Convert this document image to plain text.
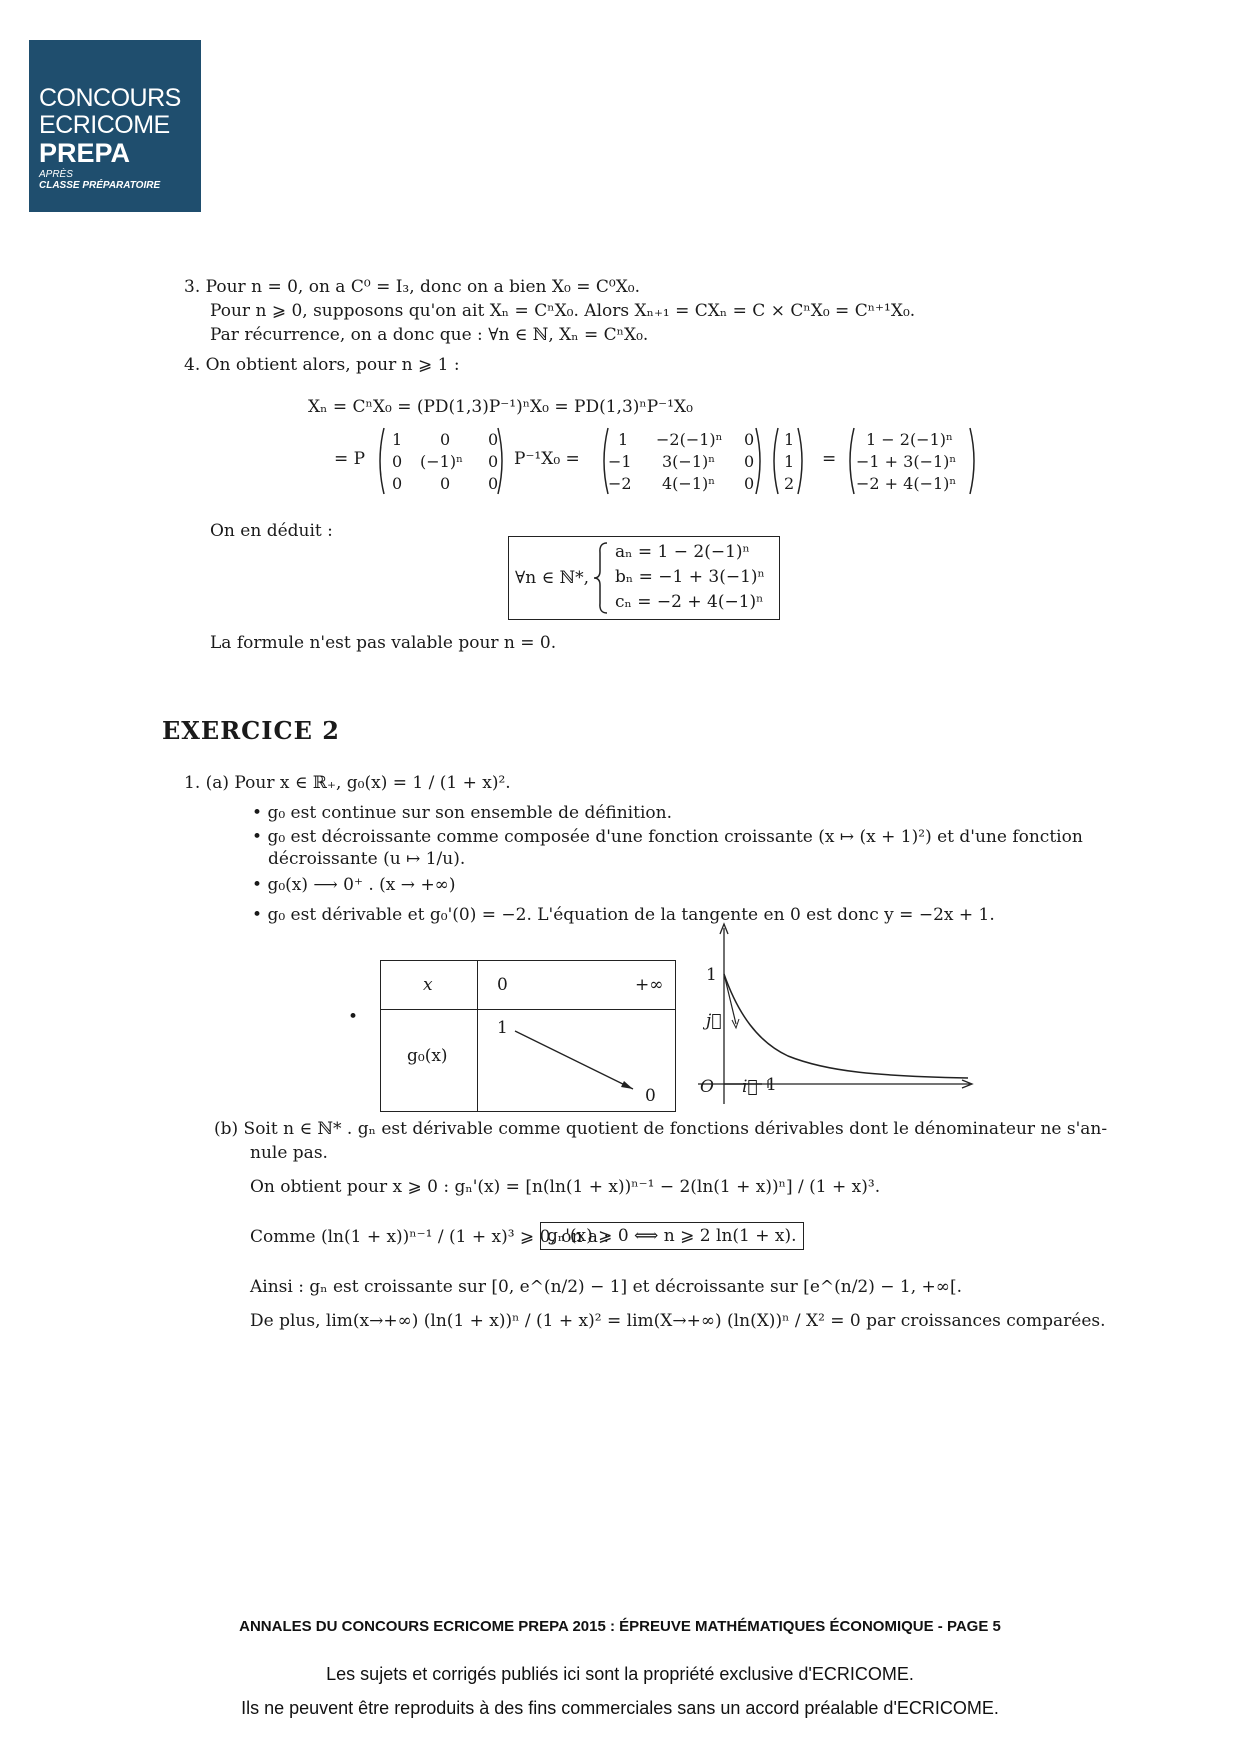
CONCOURS
ECRICOME
PREPA
APRÈS
CLASSE PRÉPARATOIRE
3. Pour n = 0, on a C⁰ = I₃, donc on a bien X₀ = C⁰X₀.
Pour n ⩾ 0, supposons qu'on ait Xₙ = CⁿX₀. Alors Xₙ₊₁ = CXₙ = C × CⁿX₀ = Cⁿ⁺¹X₀.
Par récurrence, on a donc que : ∀n ∈ ℕ, Xₙ = CⁿX₀.
4. On obtient alors, pour n ⩾ 1 :
Xₙ = CⁿX₀ = (PD(1,3)P⁻¹)ⁿX₀ = PD(1,3)ⁿP⁻¹X₀
= P
1 0 0
0 (−1)ⁿ 0
0 0 0
P⁻¹X₀ =
1 −2(−1)ⁿ 0
−1 3(−1)ⁿ 0
−2 4(−1)ⁿ 0
1
1
2
=
1 − 2(−1)ⁿ
−1 + 3(−1)ⁿ
−2 + 4(−1)ⁿ
On en déduit :
∀n ∈ ℕ*,
aₙ = 1 − 2(−1)ⁿ
bₙ = −1 + 3(−1)ⁿ
cₙ = −2 + 4(−1)ⁿ
La formule n'est pas valable pour n = 0.
EXERCICE 2
1. (a) Pour x ∈ ℝ₊, g₀(x) = 1 / (1 + x)².
• g₀ est continue sur son ensemble de définition.
• g₀ est décroissante comme composée d'une fonction croissante (x ↦ (x + 1)²) et d'une fonction
décroissante (u ↦ 1/u).
• g₀(x) ⟶ 0⁺ . (x → +∞)
• g₀ est dérivable et g₀'(0) = −2. L'équation de la tangente en 0 est donc y = −2x + 1.
•
x	0	+∞
g₀(x)
1
0
1
j⃗
O i⃗ 1
(b) Soit n ∈ ℕ* . gₙ est dérivable comme quotient de fonctions dérivables dont le dénominateur ne s'an-
nule pas.
On obtient pour x ⩾ 0 : gₙ'(x) = [n(ln(1 + x))ⁿ⁻¹ − 2(ln(1 + x))ⁿ] / (1 + x)³.
Comme (ln(1 + x))ⁿ⁻¹ / (1 + x)³ ⩾ 0, on a :
gₙ'(x) ⩾ 0 ⟺ n ⩾ 2 ln(1 + x).
Ainsi : gₙ est croissante sur [0, e^(n/2) − 1] et décroissante sur [e^(n/2) − 1, +∞[.
De plus, lim(x→+∞) (ln(1 + x))ⁿ / (1 + x)² = lim(X→+∞) (ln(X))ⁿ / X² = 0 par croissances comparées.
ANNALES DU CONCOURS ECRICOME PREPA 2015 : ÉPREUVE MATHÉMATIQUES ÉCONOMIQUE - PAGE 5
Les sujets et corrigés publiés ici sont la propriété exclusive d'ECRICOME.
Ils ne peuvent être reproduits à des fins commerciales sans un accord préalable d'ECRICOME.
